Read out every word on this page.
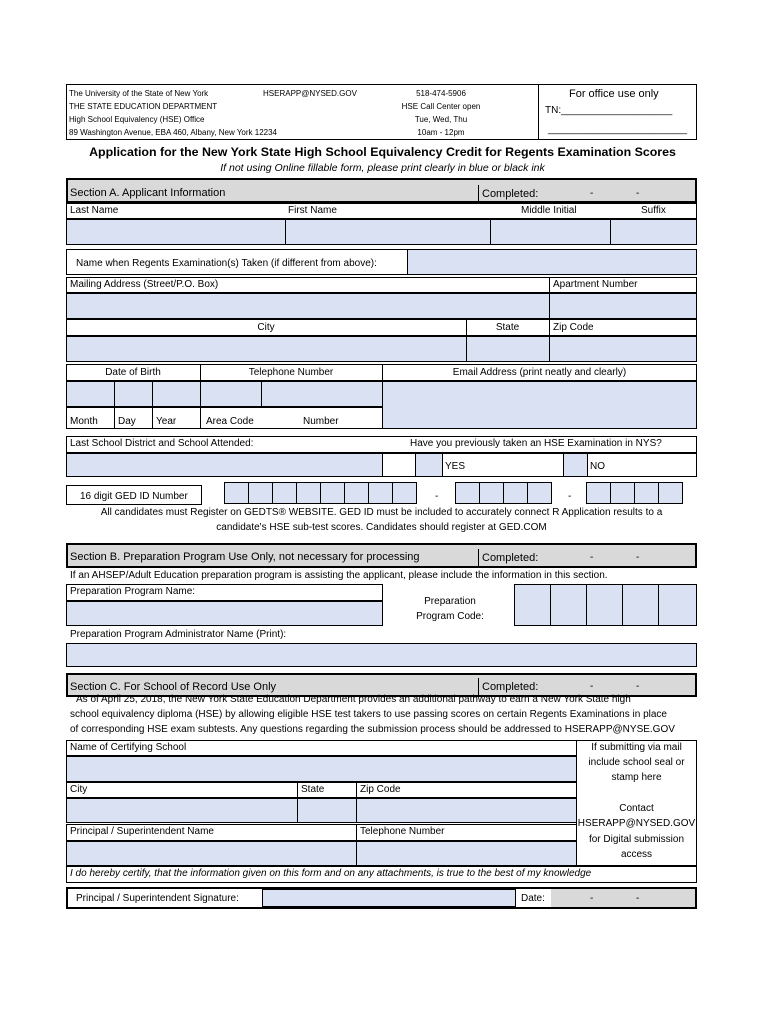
The University of the State of New York
THE STATE EDUCATION DEPARTMENT
High School Equivalency (HSE) Office
89 Washington Avenue, EBA 460, Albany, New York 12234
HSERAPP@NYSED.GOV	518-474-5906
HSE Call Center open
Tue, Wed, Thu
10am - 12pm
For office use only
TN:____________________
_________________________
Application for the New York State High School Equivalency Credit for Regents Examination Scores
If not using Online fillable form, please print clearly in blue or black ink
Section A. Applicant Information	Completed:	-	-
Last Name	First Name	Middle Initial	Suffix
Name when Regents Examination(s) Taken (if different from above):
Mailing Address (Street/P.O. Box)	Apartment Number
City	State	Zip Code
Date of Birth	Telephone Number	Email Address (print neatly and clearly)
Month Day Year	Area Code	Number
Last School District and School Attended:	Have you previously taken an HSE Examination in NYS?
YES	NO
16 digit GED ID Number	-	-
All candidates must Register on GEDTS® WEBSITE. GED ID must be included to accurately connect R Application results to a
candidate's HSE sub-test scores. Candidates should register at GED.COM
Section B. Preparation Program Use Only, not necessary for processing	Completed:	-	-
If an AHSEP/Adult Education preparation program is assisting the applicant, please include the information in this section.
Preparation Program Name:
Preparation
Program Code:
Preparation Program Administrator Name (Print):
Section C. For School of Record Use Only	Completed:	-	-
As of April 25, 2018, the New York State Education Department provides an additional pathway to earn a New York State high
school equivalency diploma (HSE) by allowing eligible HSE test takers to use passing scores on certain Regents Examinations in place
of corresponding HSE exam subtests. Any questions regarding the submission process should be addressed to HSERAPP@NYSE.GOV
Name of Certifying School	If submitting via mail
include school seal or
stamp here
Contact
HSERAPP@NYSED.GOV
for Digital submission
access
City	State	Zip Code
Principal / Superintendent Name	Telephone Number
I do hereby certify, that the information given on this form and on any attachments, is true to the best of my knowledge
Principal / Superintendent Signature:	Date:	-	-
